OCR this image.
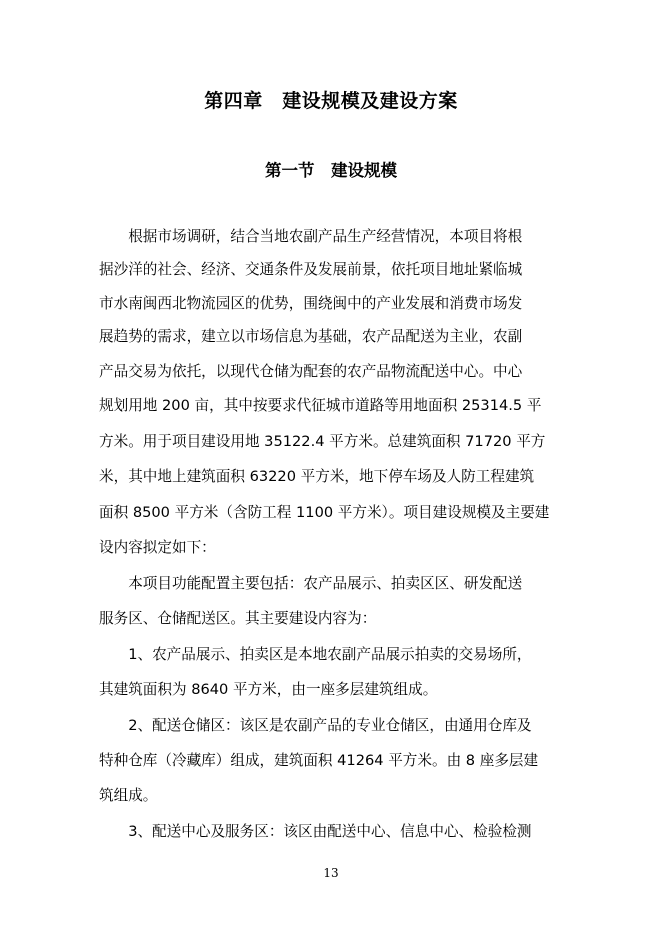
第四章　建设规模及建设方案
第一节　建设规模
　　根据市场调研，结合当地农副产品生产经营情况，本项目将根
据沙洋的社会、经济、交通条件及发展前景，依托项目地址紧临城
市水南闽西北物流园区的优势，围绕闽中的产业发展和消费市场发
展趋势的需求，建立以市场信息为基础，农产品配送为主业，农副
产品交易为依托，以现代仓储为配套的农产品物流配送中心。中心
规划用地 200 亩，其中按要求代征城市道路等用地面积 25314.5 平
方米。用于项目建设用地 35122.4 平方米。总建筑面积 71720 平方
米，其中地上建筑面积 63220 平方米，地下停车场及人防工程建筑
面积 8500 平方米（含防工程 1100 平方米）。项目建设规模及主要建
设内容拟定如下：
　　本项目功能配置主要包括：农产品展示、拍卖区区、研发配送
服务区、仓储配送区。其主要建设内容为：
　　1、农产品展示、拍卖区是本地农副产品展示拍卖的交易场所，
其建筑面积为 8640 平方米，由一座多层建筑组成。
　　2、配送仓储区：该区是农副产品的专业仓储区，由通用仓库及
特种仓库（冷藏库）组成，建筑面积 41264 平方米。由 8 座多层建
筑组成。
　　3、配送中心及服务区：该区由配送中心、信息中心、检验检测
13
